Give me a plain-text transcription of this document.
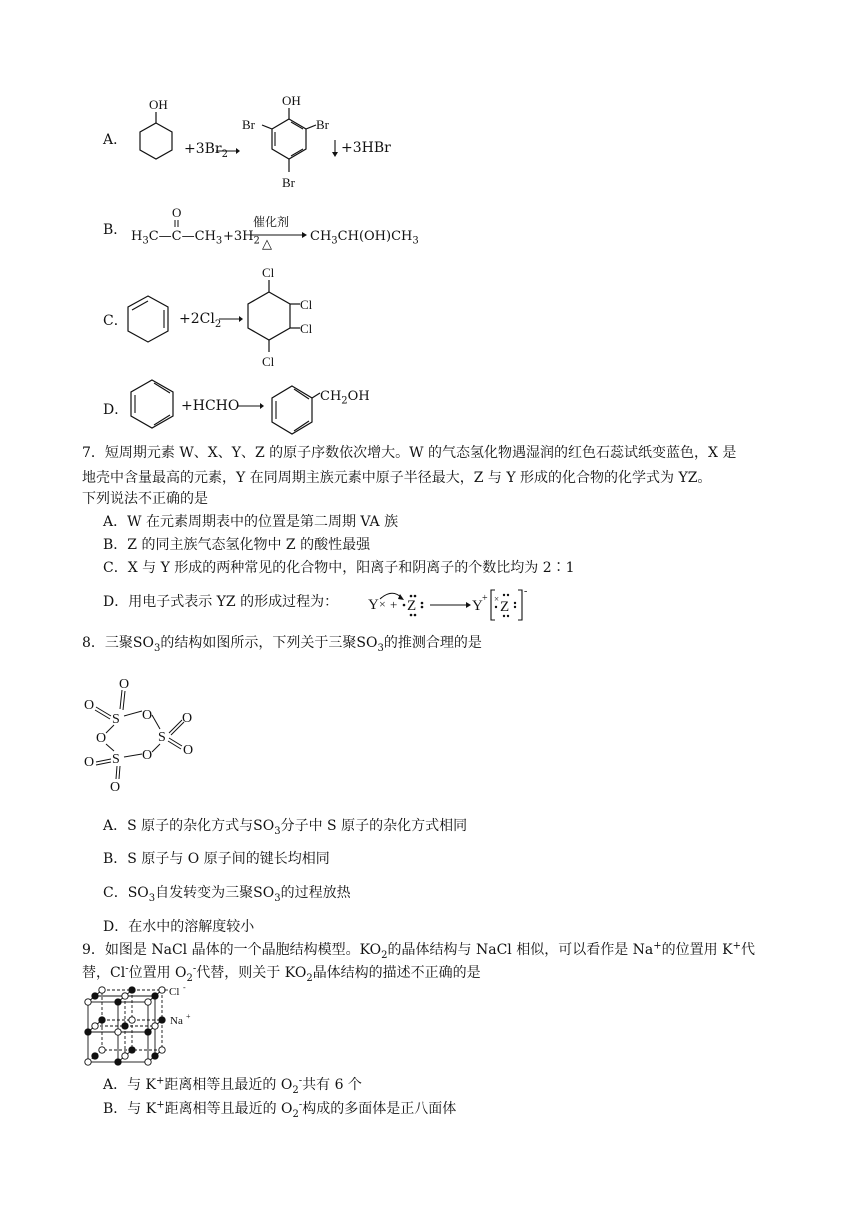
A．
OH
$+3Br_2$
OH
Br	Br
Br
+3HBr
B．
O
$H_3C—C—CH_3 +3H_2$
催化剂
△
$CH_3CH(OH)CH_3$
C．	$+2Cl_2$
Cl
Cl
Cl
Cl
D．	+HCHO
$CH_2OH$
7．短周期元素 W、X、Y、Z 的原子序数依次增大。W 的气态氢化物遇湿润的红色石蕊试纸变蓝色，X 是
地壳中含量最高的元素，Y 在同周期主族元素中原子半径最大，Z 与 Y 形成的化合物的化学式为 YZ。
下列说法不正确的是
A．W 在元素周期表中的位置是第二周期 VA 族
B．Z 的同主族气态氢化物中 Z 的酸性最强
C．X 与 Y 形成的两种常见的化合物中，阳离子和阴离子的个数比均为 2∶1
D．用电子式表示 YZ 的形成过程为： Y × + Z	Y + × Z
-
8．三聚$SO_3$的结构如图所示，下列关于三聚$SO_3$的推测合理的是
O
O
S O
O	S
O
O
S O
O
O
A．S 原子的杂化方式与$SO_3$分子中 S 原子的杂化方式相同
B．S 原子与 O 原子间的键长均相同
C．$SO_3$自发转变为三聚$SO_3$的过程放热
D．在水中的溶解度较小
9．如图是 NaCl 晶体的一个晶胞结构模型。$KO_2$的晶体结构与 NaCl 相似，可以看作是 Na+的位置用 K+代
替，Cl-位置用 $O_2^-$代替，则关于 $KO_2$晶体结构的描述不正确的是
Cl -
Na +
A．与 K+距离相等且最近的 $O_2^-$共有 6 个
B．与 K+距离相等且最近的 $O_2^-$构成的多面体是正八面体
